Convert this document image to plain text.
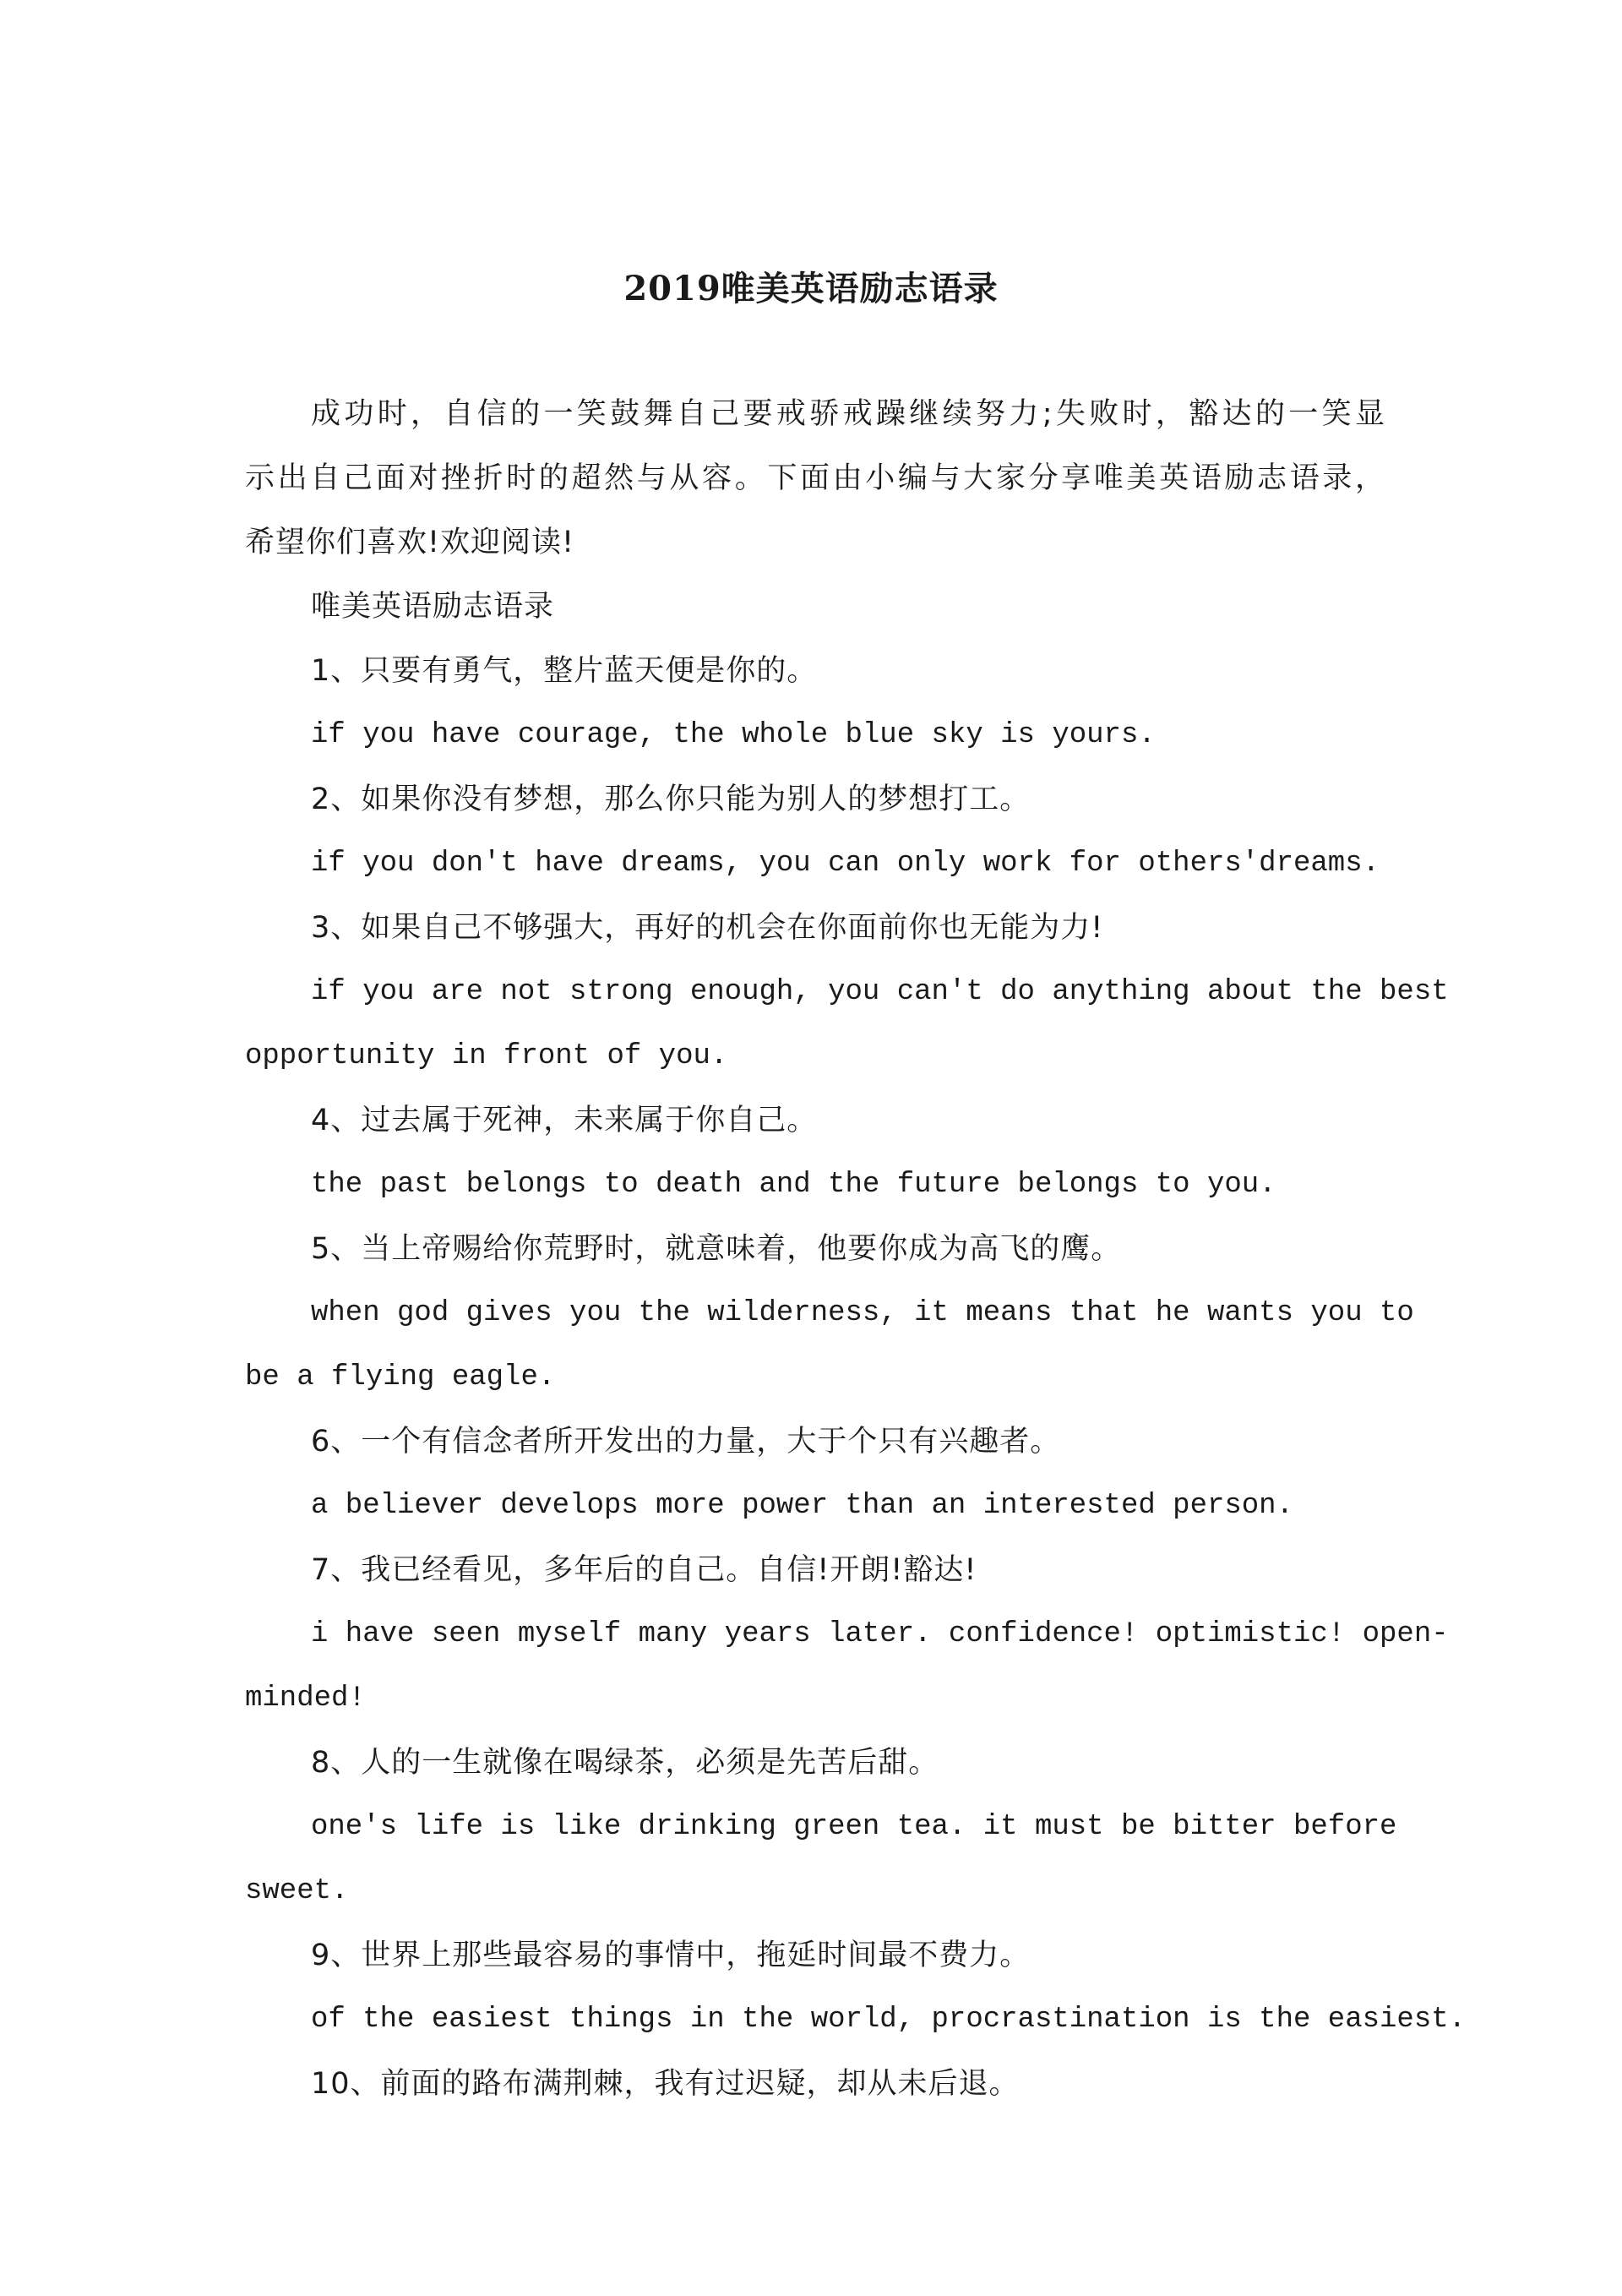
2019唯美英语励志语录
成功时，自信的一笑鼓舞自己要戒骄戒躁继续努力;失败时，豁达的一笑显
示出自己面对挫折时的超然与从容。下面由小编与大家分享唯美英语励志语录，
希望你们喜欢!欢迎阅读!
唯美英语励志语录
1、只要有勇气，整片蓝天便是你的。
if you have courage, the whole blue sky is yours.
2、如果你没有梦想，那么你只能为别人的梦想打工。
if you don't have dreams, you can only work for others'dreams.
3、如果自己不够强大，再好的机会在你面前你也无能为力!
if you are not strong enough, you can't do anything about the best
opportunity in front of you.
4、过去属于死神，未来属于你自己。
the past belongs to death and the future belongs to you.
5、当上帝赐给你荒野时，就意味着，他要你成为高飞的鹰。
when god gives you the wilderness, it means that he wants you to
be a flying eagle.
6、一个有信念者所开发出的力量，大于个只有兴趣者。
a believer develops more power than an interested person.
7、我已经看见，多年后的自己。自信!开朗!豁达!
i have seen myself many years later. confidence! optimistic! open-
minded!
8、人的一生就像在喝绿茶，必须是先苦后甜。
one's life is like drinking green tea. it must be bitter before
sweet.
9、世界上那些最容易的事情中，拖延时间最不费力。
of the easiest things in the world, procrastination is the easiest.
10、前面的路布满荆棘，我有过迟疑，却从未后退。
